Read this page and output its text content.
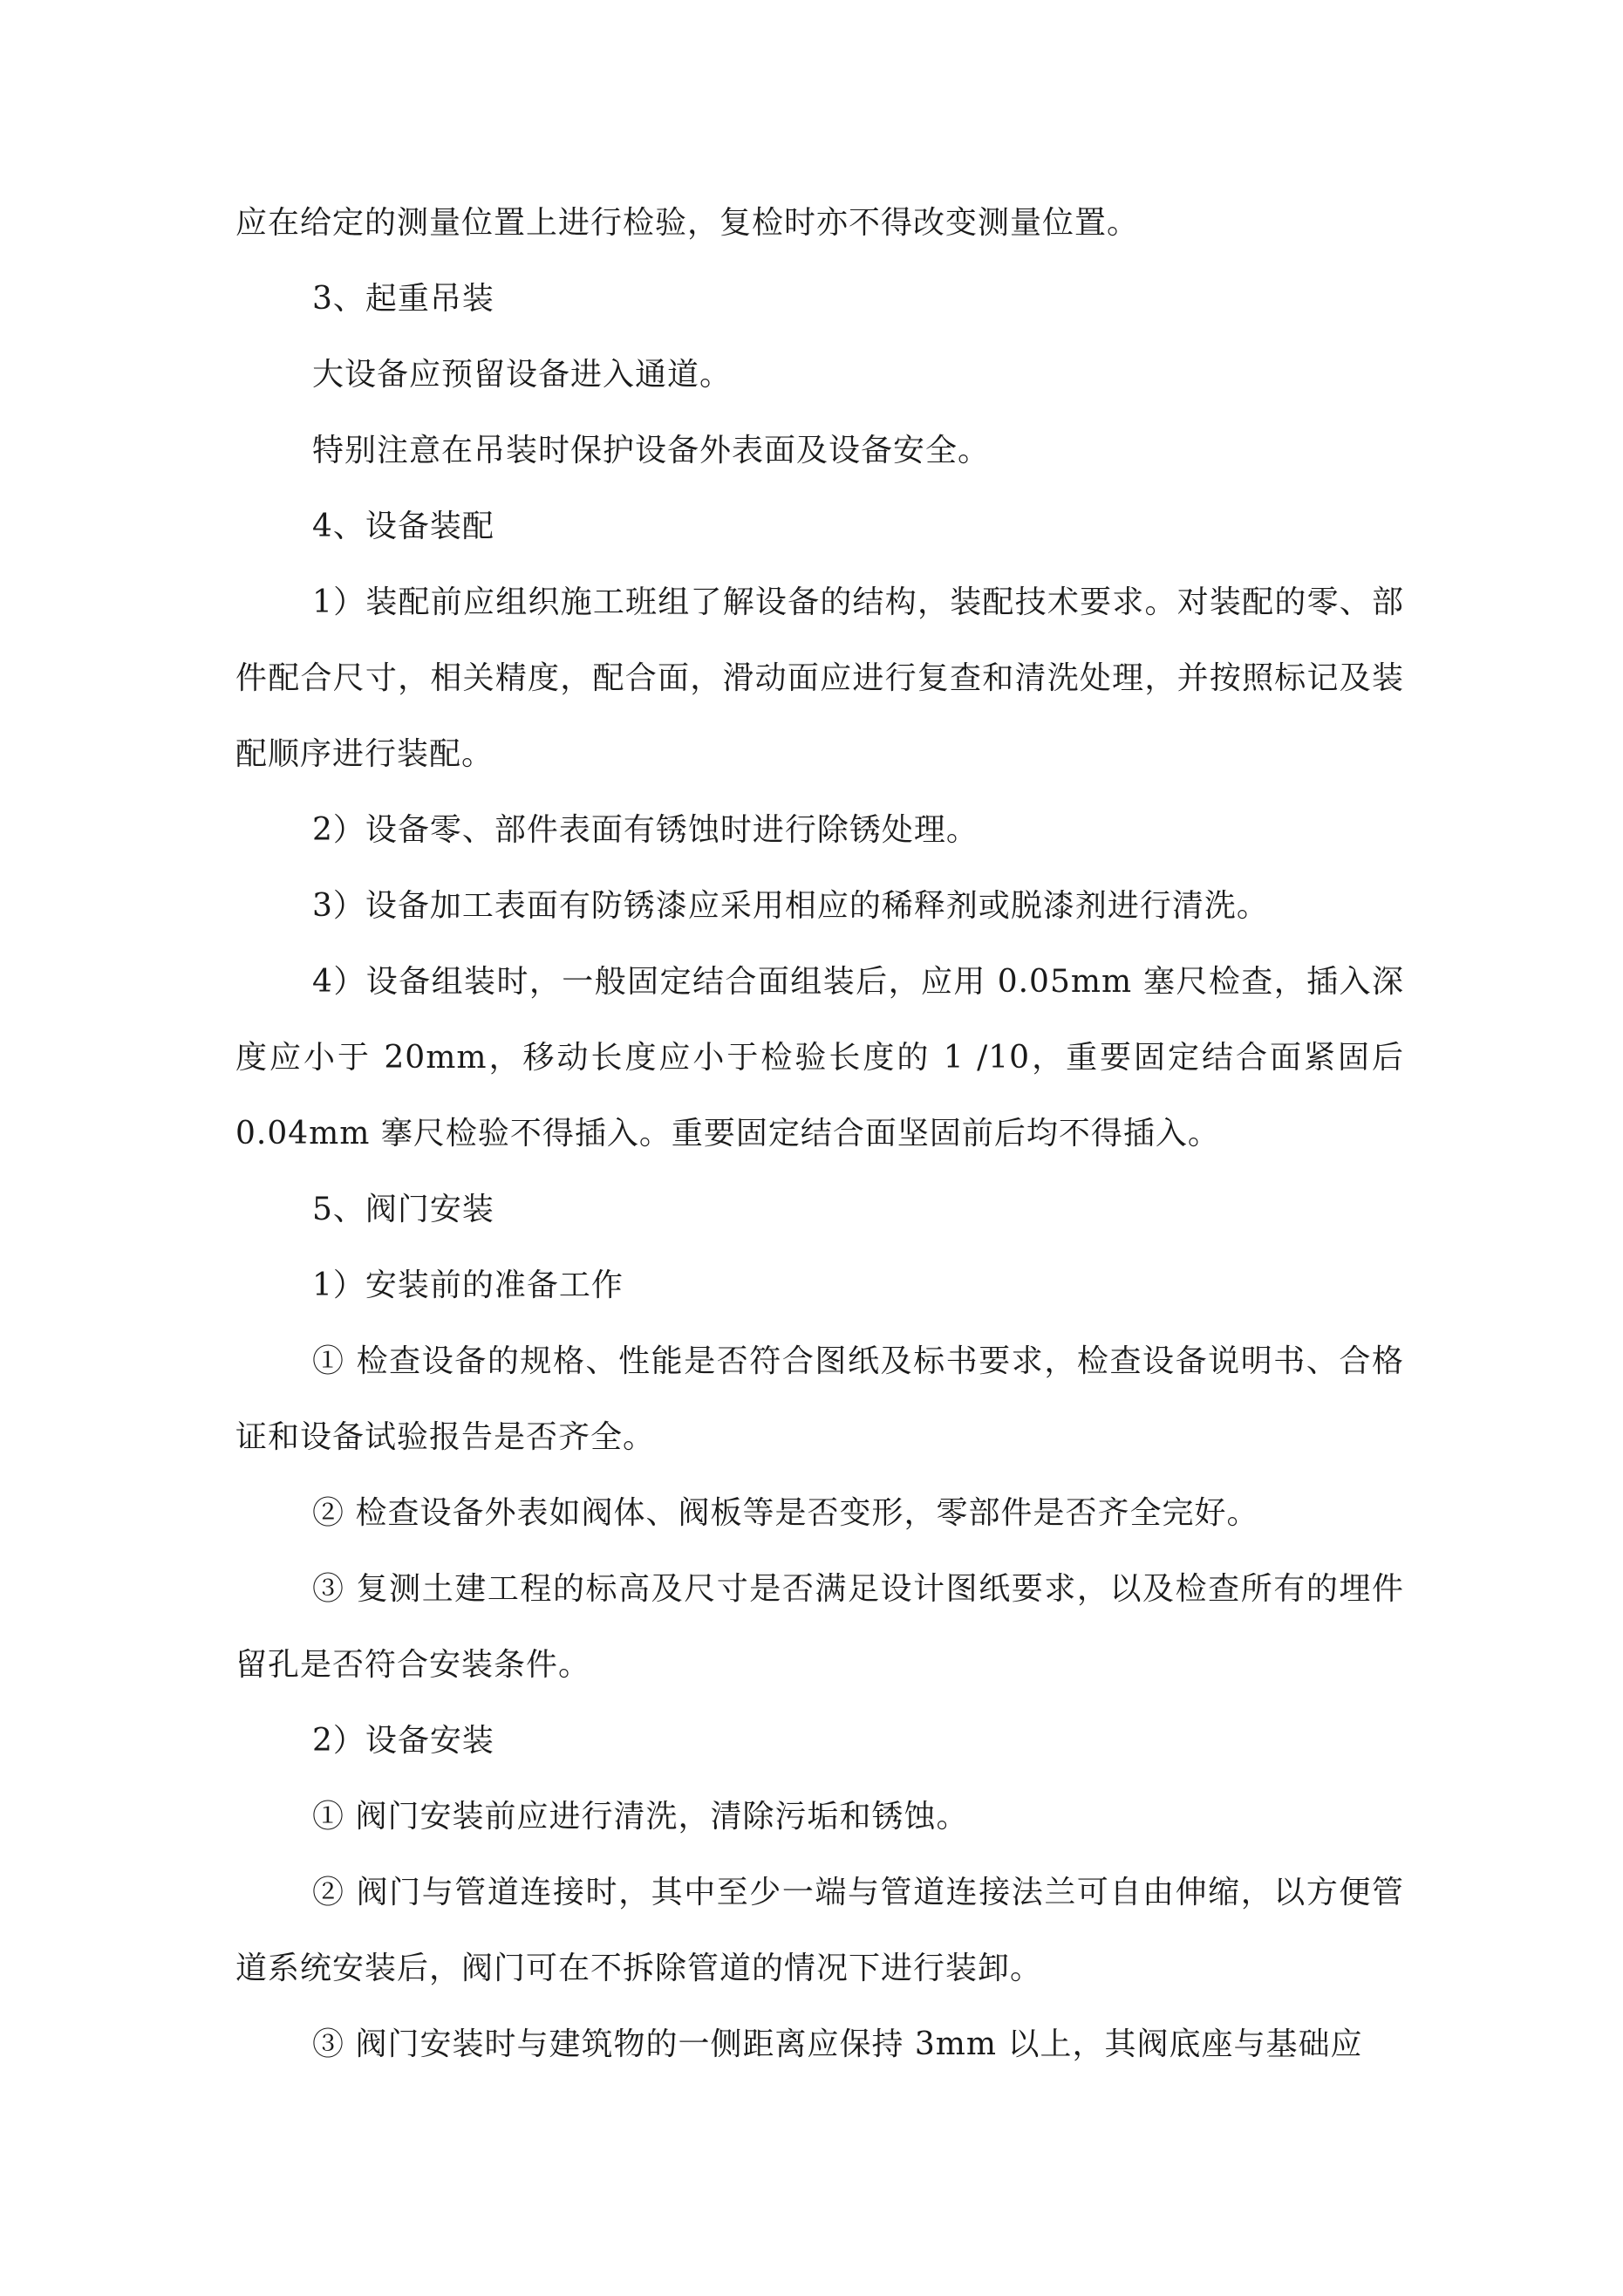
应在给定的测量位置上进行检验，复检时亦不得改变测量位置。

3、起重吊装

大设备应预留设备进入通道。

特别注意在吊装时保护设备外表面及设备安全。

4、设备装配

1）装配前应组织施工班组了解设备的结构，装配技术要求。对装配的零、部件配合尺寸，相关精度，配合面，滑动面应进行复查和清洗处理，并按照标记及装配顺序进行装配。

2）设备零、部件表面有锈蚀时进行除锈处理。

3）设备加工表面有防锈漆应采用相应的稀释剂或脱漆剂进行清洗。

4）设备组装时，一般固定结合面组装后，应用 0.05mm 塞尺检查，插入深度应小于 20mm，移动长度应小于检验长度的 1 /10，重要固定结合面紧固后 0.04mm 搴尺检验不得插入。重要固定结合面坚固前后均不得插入。

5、阀门安装

1）安装前的准备工作

① 检查设备的规格、性能是否符合图纸及标书要求，检查设备说明书、合格证和设备试验报告是否齐全。

② 检查设备外表如阀体、阀板等是否变形，零部件是否齐全完好。

③ 复测土建工程的标高及尺寸是否满足设计图纸要求，以及检查所有的埋件留孔是否符合安装条件。

2）设备安装

① 阀门安装前应进行清洗，清除污垢和锈蚀。

② 阀门与管道连接时，其中至少一端与管道连接法兰可自由伸缩，以方便管道系统安装后，阀门可在不拆除管道的情况下进行装卸。

③ 阀门安装时与建筑物的一侧距离应保持 3mm 以上，其阀底座与基础应
